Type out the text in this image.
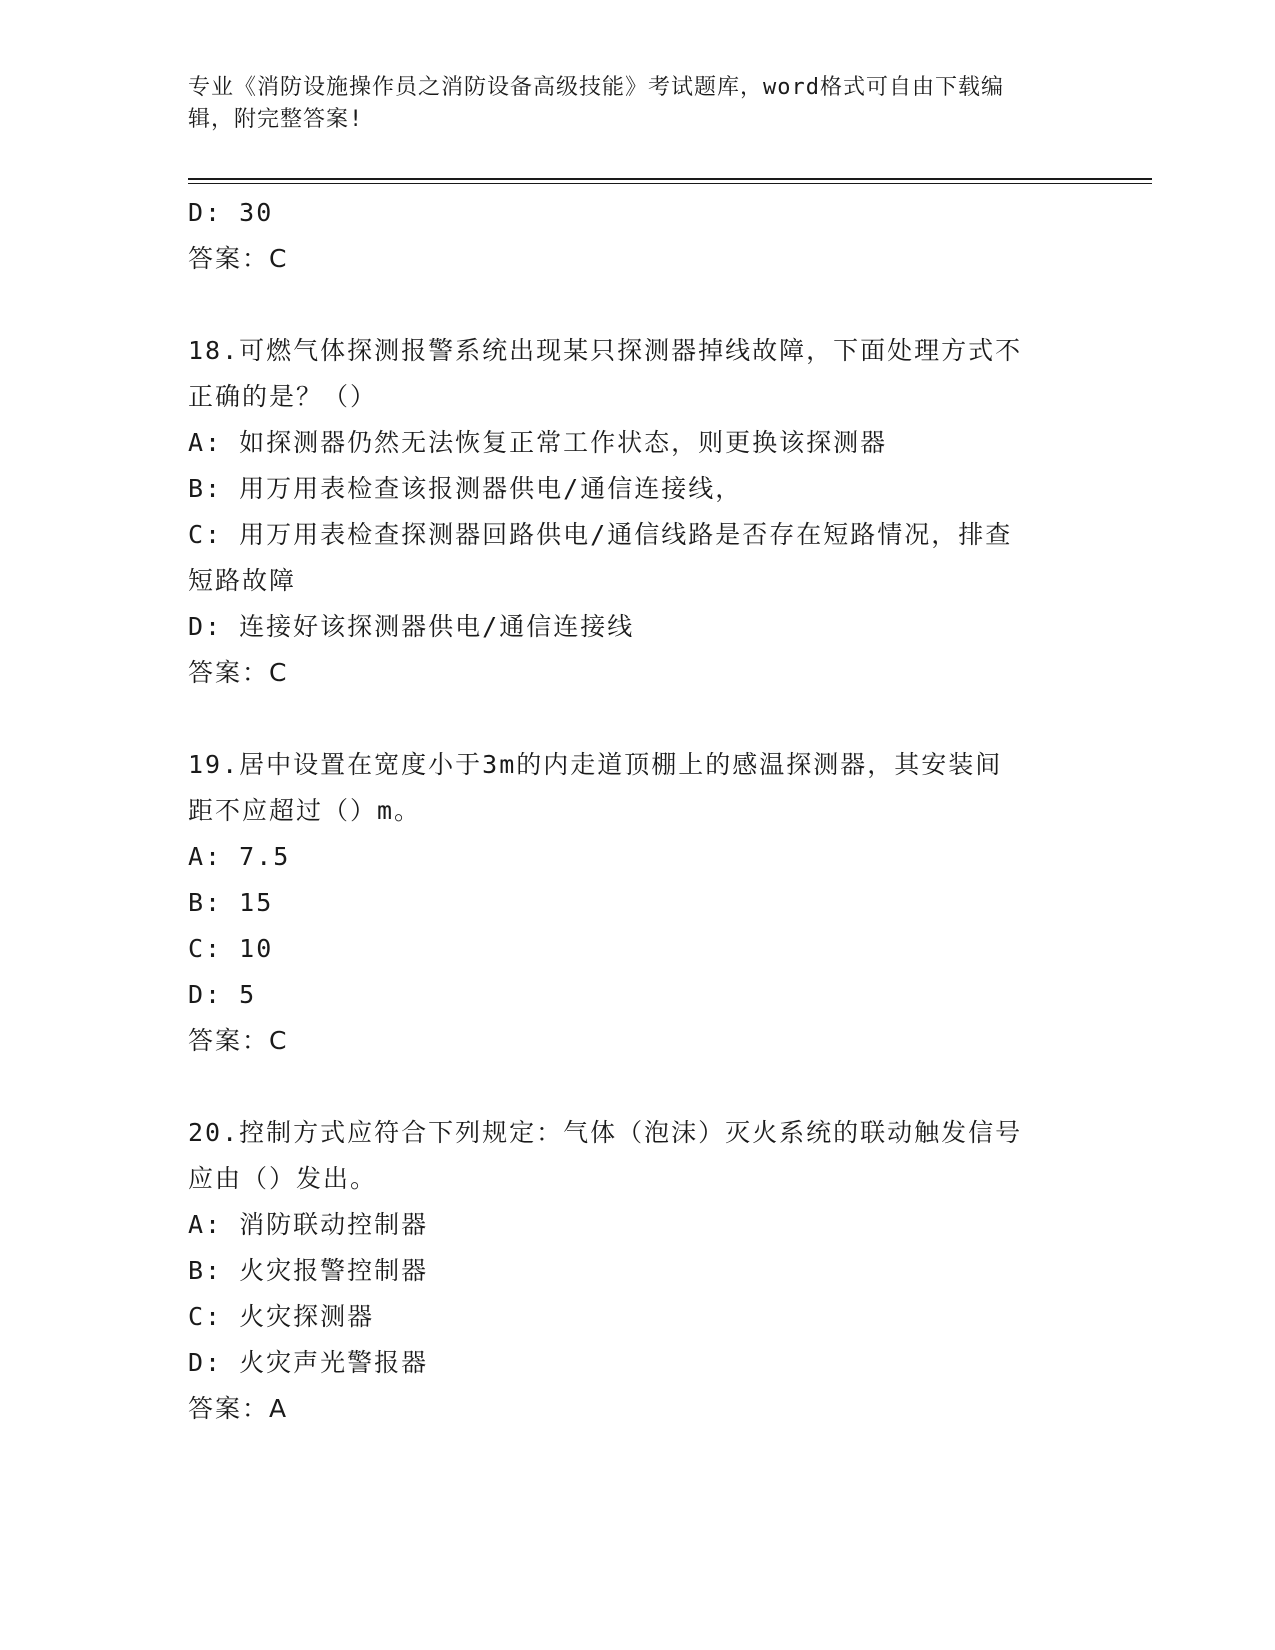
专业《消防设施操作员之消防设备高级技能》考试题库，word格式可自由下载编
辑，附完整答案!
D: 30
答案：C
18.可燃气体探测报警系统出现某只探测器掉线故障，下面处理方式不
正确的是？（）
A: 如探测器仍然无法恢复正常工作状态，则更换该探测器
B: 用万用表检查该报测器供电/通信连接线，
C: 用万用表检查探测器回路供电/通信线路是否存在短路情况，排查
短路故障
D: 连接好该探测器供电/通信连接线
答案：C
19.居中设置在宽度小于3m的内走道顶棚上的感温探测器，其安装间
距不应超过（）m。
A: 7.5
B: 15
C: 10
D: 5
答案：C
20.控制方式应符合下列规定：气体（泡沫）灭火系统的联动触发信号
应由（）发出。
A: 消防联动控制器
B: 火灾报警控制器
C: 火灾探测器
D: 火灾声光警报器
答案：A
